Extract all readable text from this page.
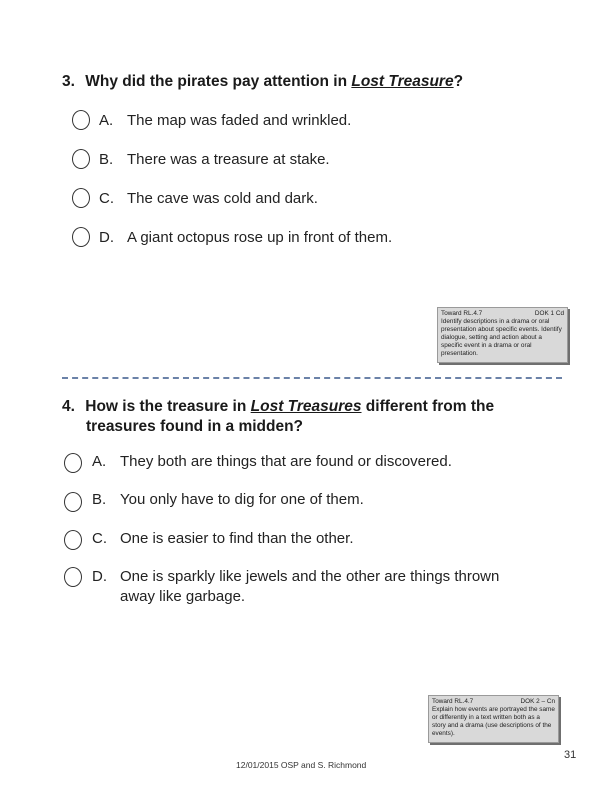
3. Why did the pirates pay attention in Lost Treasure?
A. The map was faded and wrinkled.
B. There was a treasure at stake.
C. The cave was cold and dark.
D. A giant octopus rose up in front of them.
Toward RL.4.7	DOK 1 Cd
Identify descriptions in a drama or oral presentation about specific events. Identify dialogue, setting and action about a specific event in a drama or oral presentation.
4. How is the treasure in Lost Treasures different from the
treasures found in a midden?
A. They both are things that are found or discovered.
B. You only have to dig for one of them.
C. One is easier to find than the other.
D. One is sparkly like jewels and the other are things thrown
away like garbage.
Toward RL.4.7	DOK 2 – Cn
Explain how events are portrayed the same or differently in a text written both as a story and a drama (use descriptions of the events).
12/01/2015 OSP and S. Richmond
31
